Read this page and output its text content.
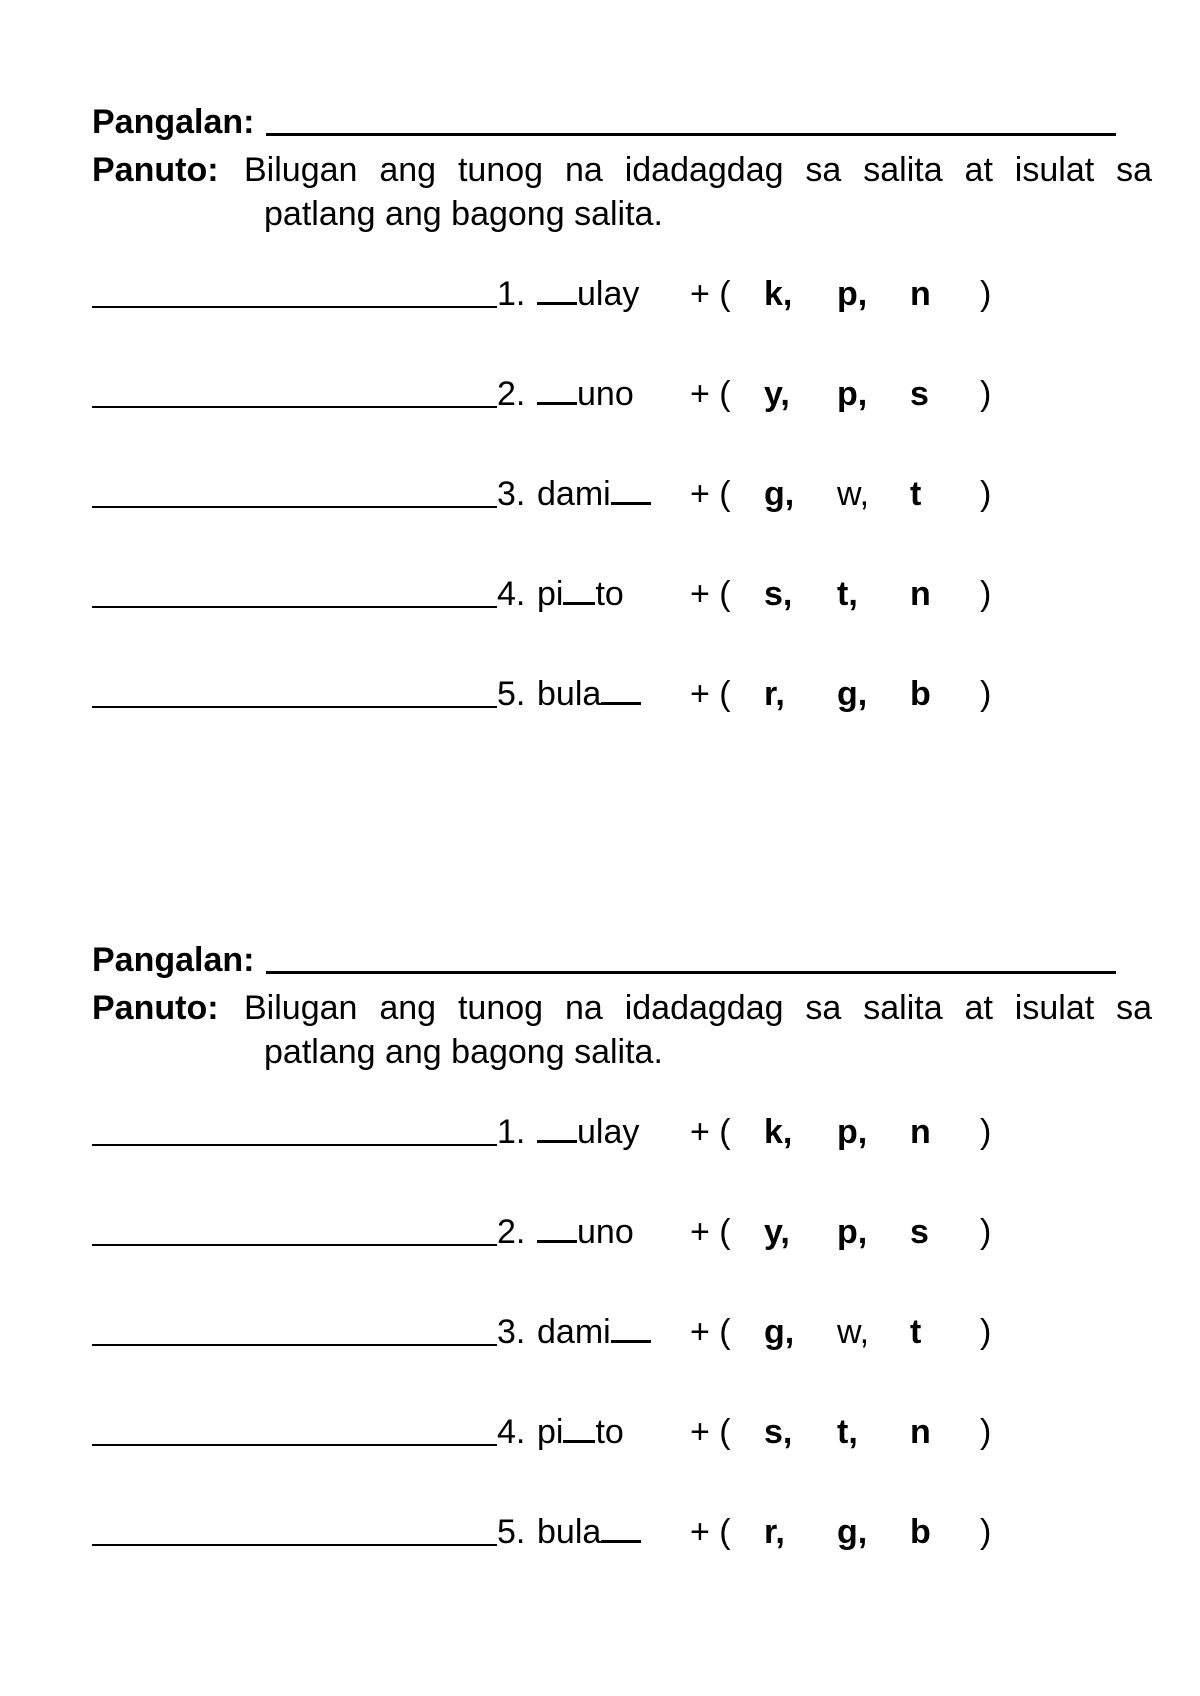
Pangalan:
Panuto: Bilugan ang tunog na idadagdag sa salita at isulat sa patlang ang bagong salita.
1.	ulay + ( k, p, n )
2.	uno + ( y, p, s )
3. dami	+ ( g, w, t )
4. pi to + ( s, t, n )
5. bula	+ ( r, g, b )
Pangalan:
Panuto: Bilugan ang tunog na idadagdag sa salita at isulat sa patlang ang bagong salita.
1.	ulay + ( k, p, n )
2.	uno + ( y, p, s )
3. dami	+ ( g, w, t )
4. pi to + ( s, t, n )
5. bula	+ ( r, g, b )
